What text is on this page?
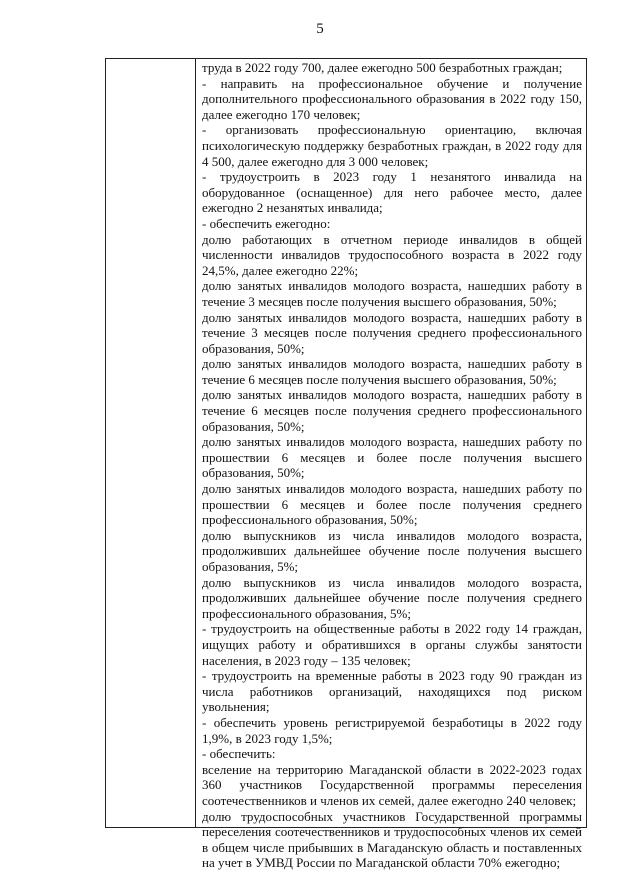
5

труда в 2022 году 700, далее ежегодно 500 безработных граждан;

- направить на профессиональное обучение и получение дополнительного профессионального образования в 2022 году 150, далее ежегодно 170 человек;

- организовать профессиональную ориентацию, включая психологическую поддержку безработных граждан, в 2022 году для 4 500, далее ежегодно для 3 000 человек;

- трудоустроить в 2023 году 1 незанятого инвалида на оборудованное (оснащенное) для него рабочее место, далее ежегодно 2 незанятых инвалида;

- обеспечить ежегодно:

долю работающих в отчетном периоде инвалидов в общей численности инвалидов трудоспособного возраста в 2022 году 24,5%, далее ежегодно 22%;

долю занятых инвалидов молодого возраста, нашедших работу в течение 3 месяцев после получения высшего образования, 50%;

долю занятых инвалидов молодого возраста, нашедших работу в течение 3 месяцев после получения среднего профессионального образования, 50%;

долю занятых инвалидов молодого возраста, нашедших работу в течение 6 месяцев после получения высшего образования, 50%;

долю занятых инвалидов молодого возраста, нашедших работу в течение 6 месяцев после получения среднего профессионального образования, 50%;

долю занятых инвалидов молодого возраста, нашедших работу по прошествии 6 месяцев и более после получения высшего образования, 50%;

долю занятых инвалидов молодого возраста, нашедших работу по прошествии 6 месяцев и более после получения среднего профессионального образования, 50%;

долю выпускников из числа инвалидов молодого возраста, продолживших дальнейшее обучение после получения высшего образования, 5%;

долю выпускников из числа инвалидов молодого возраста, продолживших дальнейшее обучение после получения среднего профессионального образования, 5%;

- трудоустроить на общественные работы в 2022 году 14 граждан, ищущих работу и обратившихся в органы службы занятости населения, в 2023 году – 135 человек;

- трудоустроить на временные работы в 2023 году 90 граждан из числа работников организаций, находящихся под риском увольнения;

- обеспечить уровень регистрируемой безработицы в 2022 году 1,9%, в 2023 году 1,5%;

- обеспечить:

вселение на территорию Магаданской области в 2022-2023 годах 360 участников Государственной программы переселения соотечественников и членов их семей, далее ежегодно 240 человек;

долю трудоспособных участников Государственной программы переселения соотечественников и трудоспособных членов их семей в общем числе прибывших в Магаданскую область и поставленных на учет в УМВД России по Магаданской области 70% ежегодно;
